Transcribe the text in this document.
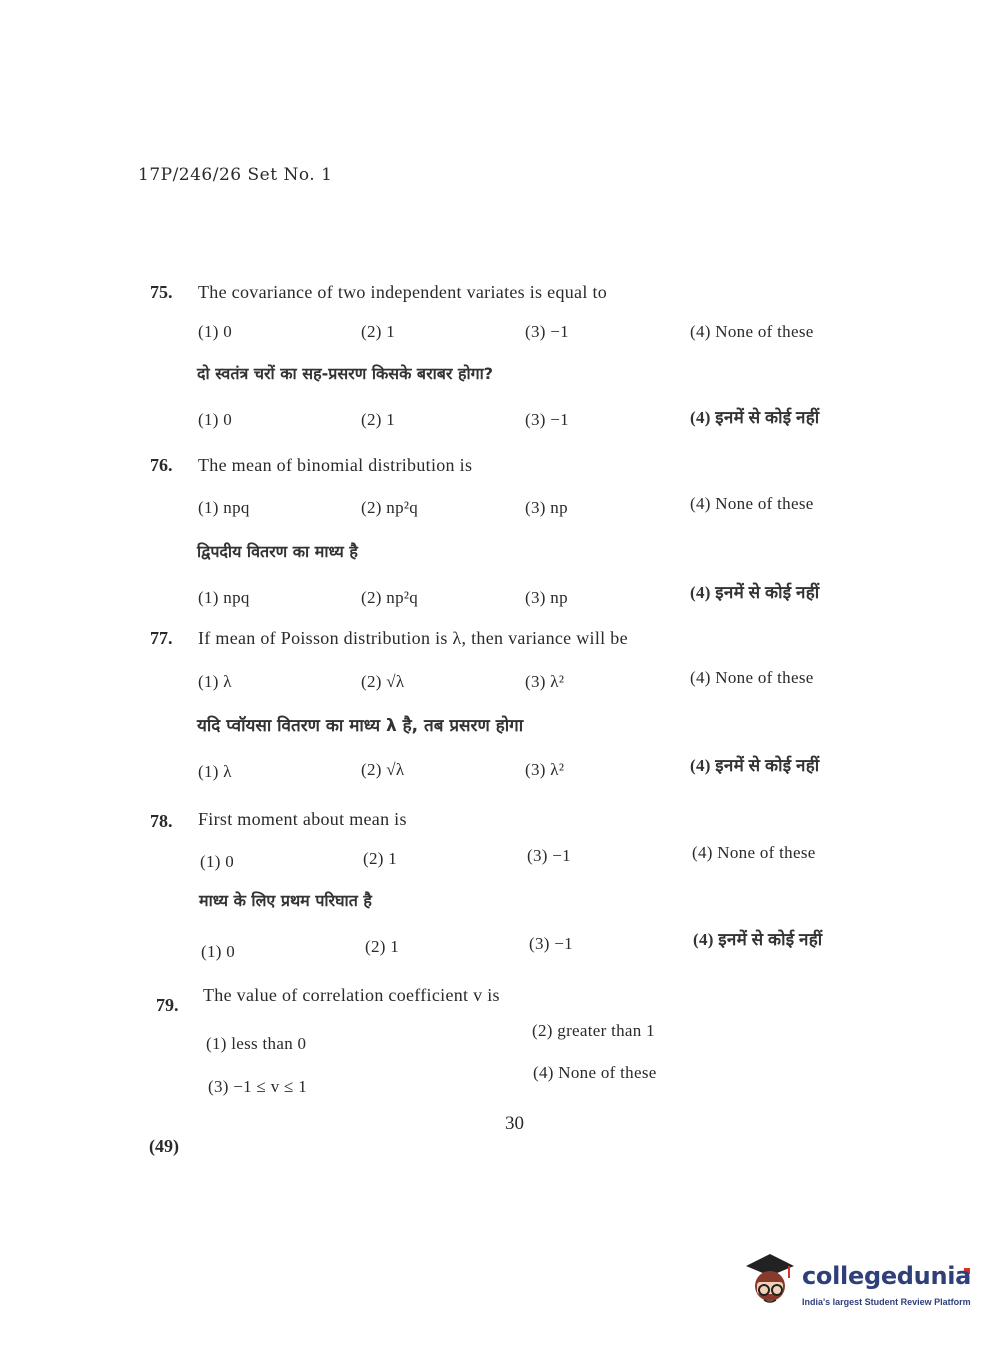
17P/246/26 Set No. 1
75. The covariance of two independent variates is equal to
(1) 0	(2) 1	(3) −1	(4) None of these
दो स्वतंत्र चरों का सह-प्रसरण किसके बराबर होगा?
(1) 0	(2) 1	(3) −1	(4) इनमें से कोई नहीं
76. The mean of binomial distribution is
(1) npq	(2) np²q	(3) np	(4) None of these
द्विपदीय वितरण का माध्य है
(1) npq	(2) np²q	(3) np	(4) इनमें से कोई नहीं
77. If mean of Poisson distribution is λ, then variance will be
(1) λ	(2) √λ	(3) λ²	(4) None of these
यदि प्वॉयसा वितरण का माध्य λ है, तब प्रसरण होगा
(1) λ	(2) √λ	(3) λ²	(4) इनमें से कोई नहीं
78. First moment about mean is
(1) 0	(2) 1	(3) −1	(4) None of these
माध्य के लिए प्रथम परिघात है
(1) 0	(2) 1	(3) −1	(4) इनमें से कोई नहीं
79. The value of correlation coefficient v is
(1) less than 0
(2) greater than 1
(3) −1 ≤ v ≤ 1
(4) None of these
30
(49)
collegedunia
India's largest Student Review Platform
